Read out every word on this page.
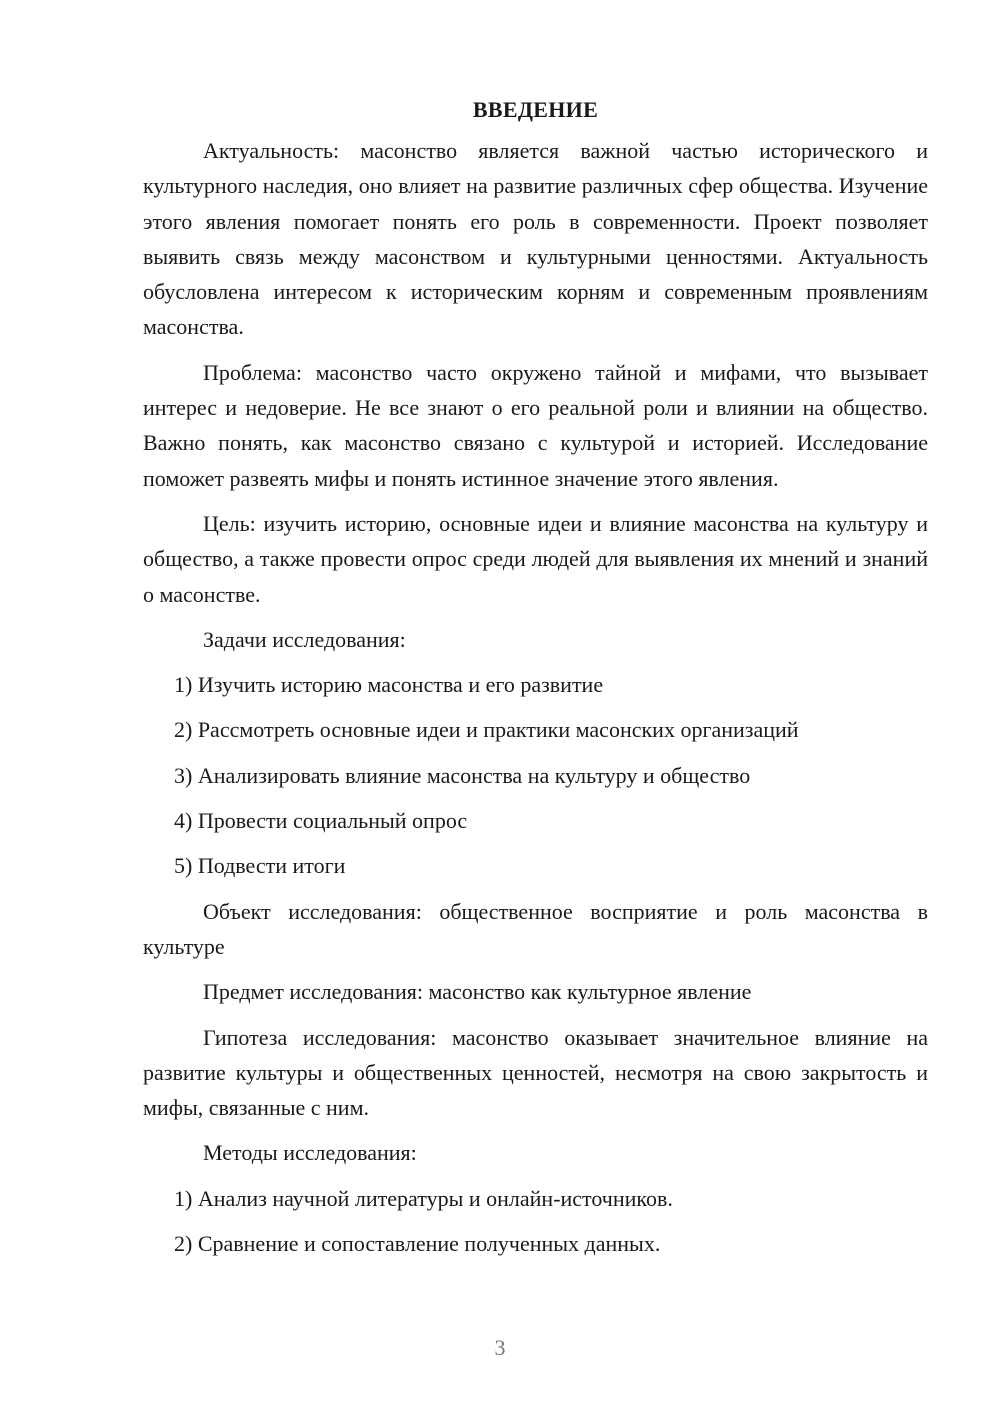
ВВЕДЕНИЕ

Актуальность: масонство является важной частью исторического и культурного наследия, оно влияет на развитие различных сфер общества. Изучение этого явления помогает понять его роль в современности. Проект позволяет выявить связь между масонством и культурными ценностями. Актуальность обусловлена интересом к историческим корням и современным проявлениям масонства.

Проблема: масонство часто окружено тайной и мифами, что вызывает интерес и недоверие. Не все знают о его реальной роли и влиянии на общество. Важно понять, как масонство связано с культурой и историей. Исследование поможет развеять мифы и понять истинное значение этого явления.

Цель: изучить историю, основные идеи и влияние масонства на культуру и общество, а также провести опрос среди людей для выявления их мнений и знаний о масонстве.

Задачи исследования:

1) Изучить историю масонства и его развитие
2) Рассмотреть основные идеи и практики масонских организаций
3) Анализировать влияние масонства на культуру и общество
4) Провести социальный опрос
5) Подвести итоги

Объект исследования: общественное восприятие и роль масонства в культуре

Предмет исследования: масонство как культурное явление

Гипотеза исследования: масонство оказывает значительное влияние на развитие культуры и общественных ценностей, несмотря на свою закрытость и мифы, связанные с ним.

Методы исследования:

1) Анализ научной литературы и онлайн-источников.
2) Сравнение и сопоставление полученных данных.
3
